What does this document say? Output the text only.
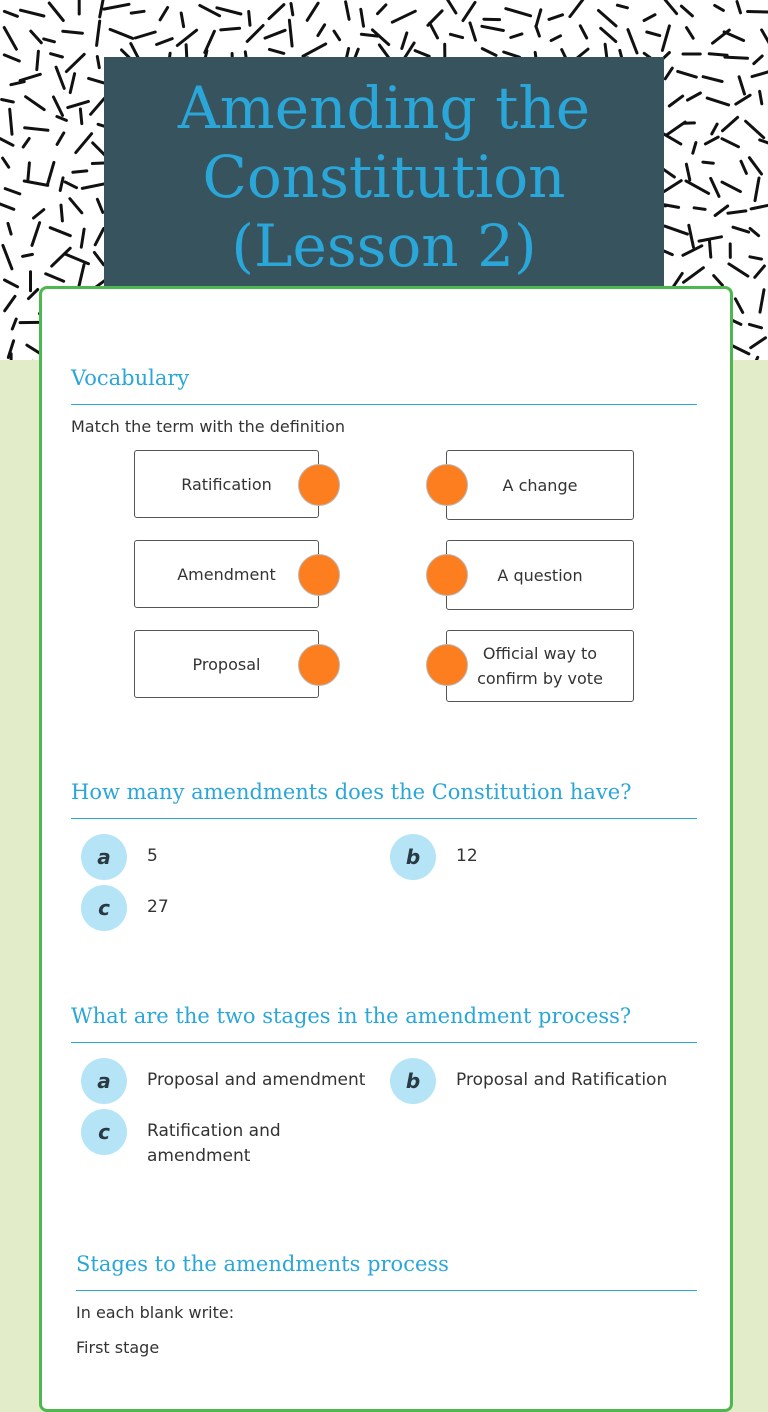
Amending the Constitution (Lesson 2)
Vocabulary
Match the term with the definition
Ratification
Amendment
Proposal
A change
A question
Official way to confirm by vote
How many amendments does the Constitution have?
a	5	b	12
c	27
What are the two stages in the amendment process?
a	Proposal and amendment	b	Proposal and Ratification
c	Ratification and amendment
Stages to the amendments process
In each blank write:
First stage
